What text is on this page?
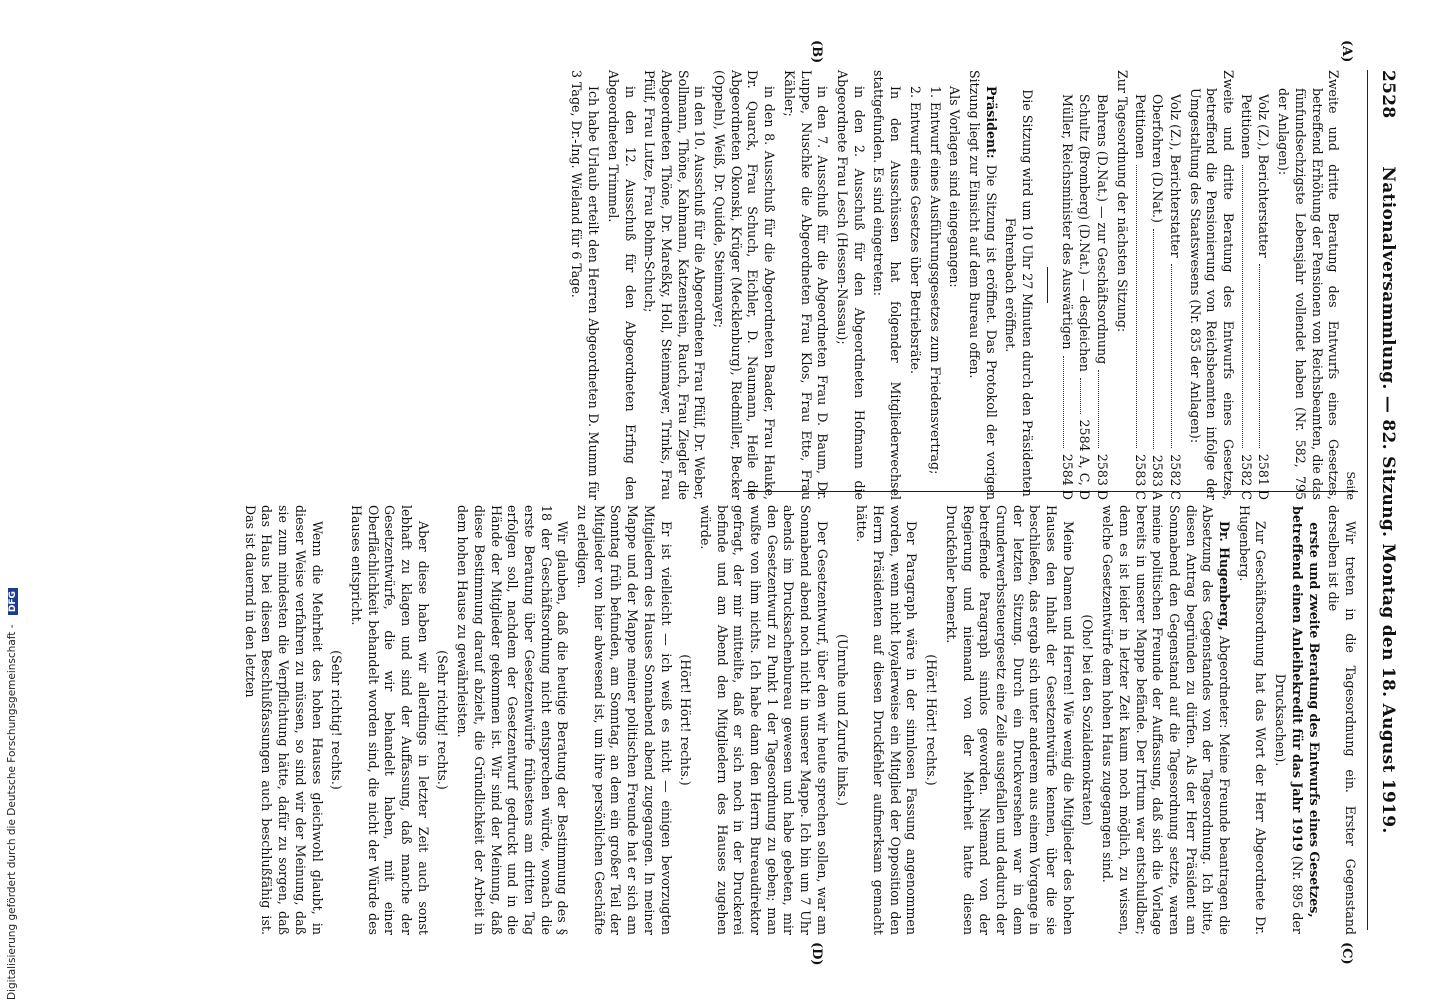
2528
Nationalversammlung. — 82. Sitzung. Montag den 18. August 1919.
(A)
(B)
(C)
(D)
Seite

Zweite und dritte Beratung des Entwurfs eines Gesetzes, betreffend Erhöhung der Pensionen von Reichsbeamten, die das fünfundsechzigste Lebensjahr vollendet haben (Nr. 582, 795 der Anlagen):

Volz (Z.), Berichterstatter
2581 D
Petitionen
2582 C

Zweite und dritte Beratung des Entwurfs eines Gesetzes, betreffend die Pensionierung von Reichsbeamten infolge der Umgestaltung des Staatswesens (Nr. 835 der Anlagen):

Volz (Z.), Berichterstatter
2582 C
Oberfohren (D.Nat.)
2583 A
Petitionen
2583 C

Zur Tagesordnung der nächsten Sitzung:

Behrens (D.Nat.) — zur Geschäftsordnung
2583 D
Schultz (Bromberg) (D.Nat.) — desgleichen
2584 A, C, D
Müller, Reichsminister des Auswärtigen
2584 D

Die Sitzung wird um 10 Uhr 27 Minuten durch den Präsidenten Fehrenbach eröffnet.

Präsident: Die Sitzung ist eröffnet. Das Protokoll der vorigen Sitzung liegt zur Einsicht auf dem Bureau offen.

Als Vorlagen sind eingegangen:

1. Entwurf eines Ausführungsgesetzes zum Friedensvertrag;

2. Entwurf eines Gesetzes über Betriebsräte.

In den Ausschüssen hat folgender Mitgliederwechsel stattgefunden. Es sind eingetreten:

in den 2. Ausschuß für den Abgeordneten Hofmann die Abgeordnete Frau Lesch (Hessen-Nassau);

in den 7. Ausschuß für die Abgeordneten Frau D. Baum, Dr. Luppe, Nuschke die Abgeordneten Frau Klos, Frau Ette, Frau Kähler;

in den 8. Ausschuß für die Abgeordneten Baader, Frau Hauke, Dr. Quarck, Frau Schuch, Eichler, D. Naumann, Heile die Abgeordneten Okonski, Krüger (Mecklenburg), Riedmiller, Becker (Oppeln), Weiß, Dr. Quidde, Steinmayer;

in den 10. Ausschuß für die Abgeordneten Frau Pfülf, Dr. Weber, Sollmann, Thöne, Kahmann, Katzenstein, Rauch, Frau Ziegler die Abgeordneten Thöne, Dr. Mareßky, Holl, Steinmayer, Trinks, Frau Pfülf, Frau Lutze, Frau Bohm-Schuch;

in den 12. Ausschuß für den Abgeordneten Erfing den Abgeordneten Trimmel.

Ich habe Urlaub erteilt den Herren Abgeordneten D. Mumm für 3 Tage, Dr.-Ing. Wieland für 6 Tage.

Wir treten in die Tagesordnung ein. Erster Gegenstand derselben ist die

erste und zweite Beratung des Entwurfs eines Gesetzes, betreffend einen Anleihekredit für das Jahr 1919 (Nr. 895 der Drucksachen).

Zur Geschäftsordnung hat das Wort der Herr Abgeordnete Dr. Hugenberg.

Dr. Hugenberg, Abgeordneter: Meine Freunde beantragen die Absetzung des Gegenstandes von der Tagesordnung. Ich bitte, diesen Antrag begründen zu dürfen. Als der Herr Präsident am Sonnabend den Gegenstand auf die Tagesordnung setzte, waren meine politischen Freunde der Auffassung, daß sich die Vorlage bereits in unserer Mappe befände. Der Irrtum war entschuldbar; denn es ist leider in letzter Zeit kaum noch möglich, zu wissen, welche Gesetzentwürfe dem hohen Haus zugegangen sind.

(Oho! bei den Sozialdemokraten)

Meine Damen und Herren! Wie wenig die Mitglieder des hohen Hauses den Inhalt der Gesetzentwürfe kennen, über die sie beschließen, das ergab sich unter anderem aus einem Vorgange in der letzten Sitzung. Durch ein Druckversehen war in dem Grunderwerbssteuergesetz eine Zeile ausgefallen und dadurch der betreffende Paragraph sinnlos geworden. Niemand von der Regierung und niemand von der Mehrheit hatte diesen Druckfehler bemerkt.

(Hört! Hört! rechts.)

Der Paragraph wäre in der sinnlosen Fassung angenommen worden, wenn nicht loyalerweise ein Mitglied der Opposition den Herrn Präsidenten auf diesen Druckfehler aufmerksam gemacht hätte.

(Unruhe und Zurufe links.)

Der Gesetzentwurf, über den wir heute sprechen sollen, war am Sonnabend abend noch nicht in unserer Mappe. Ich bin um 7 Uhr abends im Drucksachenbureau gewesen und habe gebeten, mir den Gesetzentwurf zu Punkt 1 der Tagesordnung zu geben; man wußte von ihm nichts. Ich habe dann den Herrn Bureaudirektor gefragt, der mir mitteilte, daß er sich noch in der Druckerei befinde und am Abend den Mitgliedern des Hauses zugehen würde.

(Hört! Hört! rechts.)

Er ist vielleicht — ich weiß es nicht — einigen bevorzugten Mitgliedern des Hauses Sonnabend abend zugegangen. In meiner Mappe und der Mappe meiner politischen Freunde hat er sich am Sonntag früh befunden, am Sonntag, an dem ein großer Teil der Mitglieder von hier abwesend ist, um ihre persönlichen Geschäfte zu erledigen.

Wir glauben, daß die heutige Beratung der Bestimmung des § 18 der Geschäftsordnung nicht entsprechen würde, wonach die erste Beratung über Gesetzentwürfe frühestens am dritten Tag erfolgen soll, nachdem der Gesetzentwurf gedruckt und in die Hände der Mitglieder gekommen ist. Wir sind der Meinung, daß diese Bestimmung darauf abzielt, die Gründlichkeit der Arbeit in dem hohen Hause zu gewährleisten.

(Sehr richtig! rechts.)

Aber diese haben wir allerdings in letzter Zeit auch sonst lebhaft zu klagen und sind der Auffassung, daß manche der Gesetzentwürfe, die wir behandelt haben, mit einer Oberflächlichkeit behandelt worden sind, die nicht der Würde des Hauses entspricht.

(Sehr richtig! rechts.)

Wenn die Mehrheit des hohen Hauses gleichwohl glaubt, in dieser Weise verfahren zu müssen, so sind wir der Meinung, daß sie zum mindesten die Verpflichtung hätte, dafür zu sorgen, daß das Haus bei diesen Beschlußfassungen auch beschlußfähig ist. Das ist dauernd in den letzten

Digitalisierung gefördert durch die Deutsche Forschungsgemeinschaft - DFG
